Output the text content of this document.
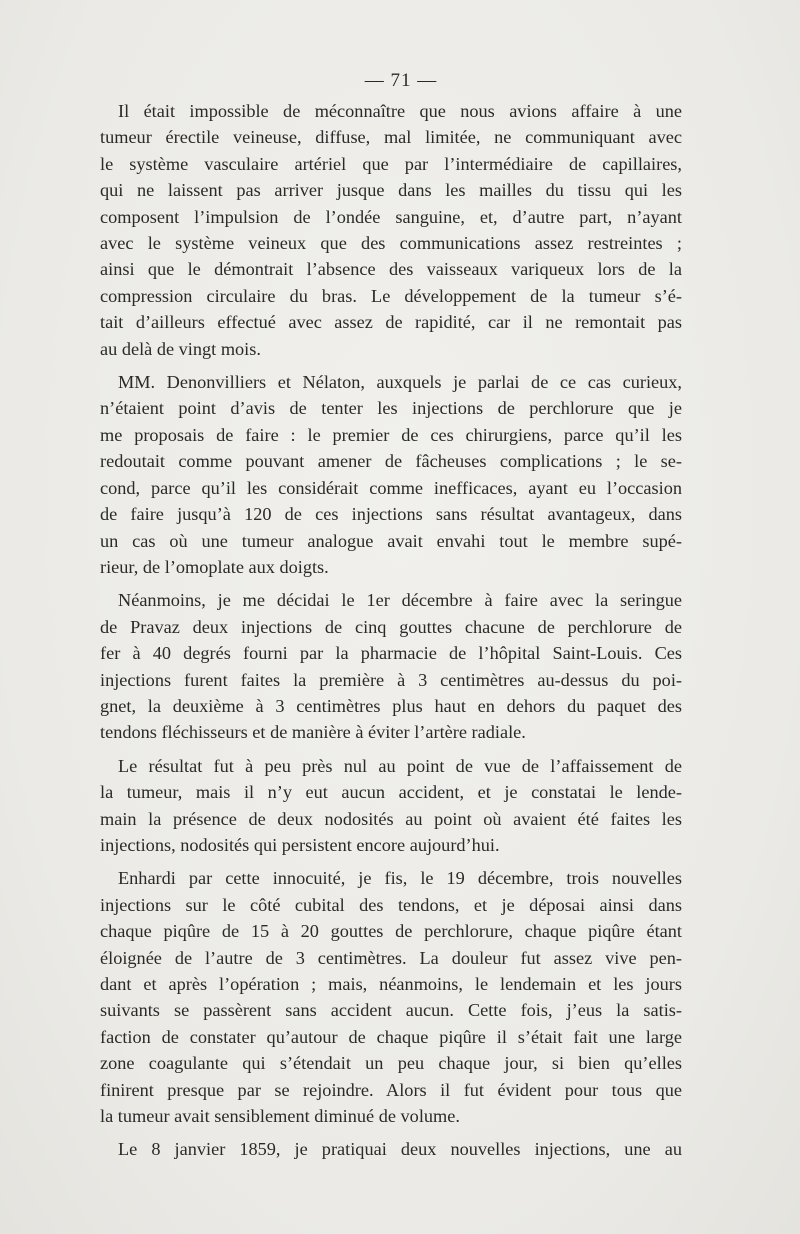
— 71 —
Il était impossible de méconnaître que nous avions affaire à une
tumeur érectile veineuse, diffuse, mal limitée, ne communiquant avec
le système vasculaire artériel que par l’intermédiaire de capillaires,
qui ne laissent pas arriver jusque dans les mailles du tissu qui les
composent l’impulsion de l’ondée sanguine, et, d’autre part, n’ayant
avec le système veineux que des communications assez restreintes ;
ainsi que le démontrait l’absence des vaisseaux variqueux lors de la
compression circulaire du bras. Le développement de la tumeur s’é-
tait d’ailleurs effectué avec assez de rapidité, car il ne remontait pas
au delà de vingt mois.
MM. Denonvilliers et Nélaton, auxquels je parlai de ce cas curieux,
n’étaient point d’avis de tenter les injections de perchlorure que je
me proposais de faire : le premier de ces chirurgiens, parce qu’il les
redoutait comme pouvant amener de fâcheuses complications ; le se-
cond, parce qu’il les considérait comme inefficaces, ayant eu l’occasion
de faire jusqu’à 120 de ces injections sans résultat avantageux, dans
un cas où une tumeur analogue avait envahi tout le membre supé-
rieur, de l’omoplate aux doigts.
Néanmoins, je me décidai le 1er décembre à faire avec la seringue
de Pravaz deux injections de cinq gouttes chacune de perchlorure de
fer à 40 degrés fourni par la pharmacie de l’hôpital Saint-Louis. Ces
injections furent faites la première à 3 centimètres au-dessus du poi-
gnet, la deuxième à 3 centimètres plus haut en dehors du paquet des
tendons fléchisseurs et de manière à éviter l’artère radiale.
Le résultat fut à peu près nul au point de vue de l’affaissement de
la tumeur, mais il n’y eut aucun accident, et je constatai le lende-
main la présence de deux nodosités au point où avaient été faites les
injections, nodosités qui persistent encore aujourd’hui.
Enhardi par cette innocuité, je fis, le 19 décembre, trois nouvelles
injections sur le côté cubital des tendons, et je déposai ainsi dans
chaque piqûre de 15 à 20 gouttes de perchlorure, chaque piqûre étant
éloignée de l’autre de 3 centimètres. La douleur fut assez vive pen-
dant et après l’opération ; mais, néanmoins, le lendemain et les jours
suivants se passèrent sans accident aucun. Cette fois, j’eus la satis-
faction de constater qu’autour de chaque piqûre il s’était fait une large
zone coagulante qui s’étendait un peu chaque jour, si bien qu’elles
finirent presque par se rejoindre. Alors il fut évident pour tous que
la tumeur avait sensiblement diminué de volume.
Le 8 janvier 1859, je pratiquai deux nouvelles injections, une au
